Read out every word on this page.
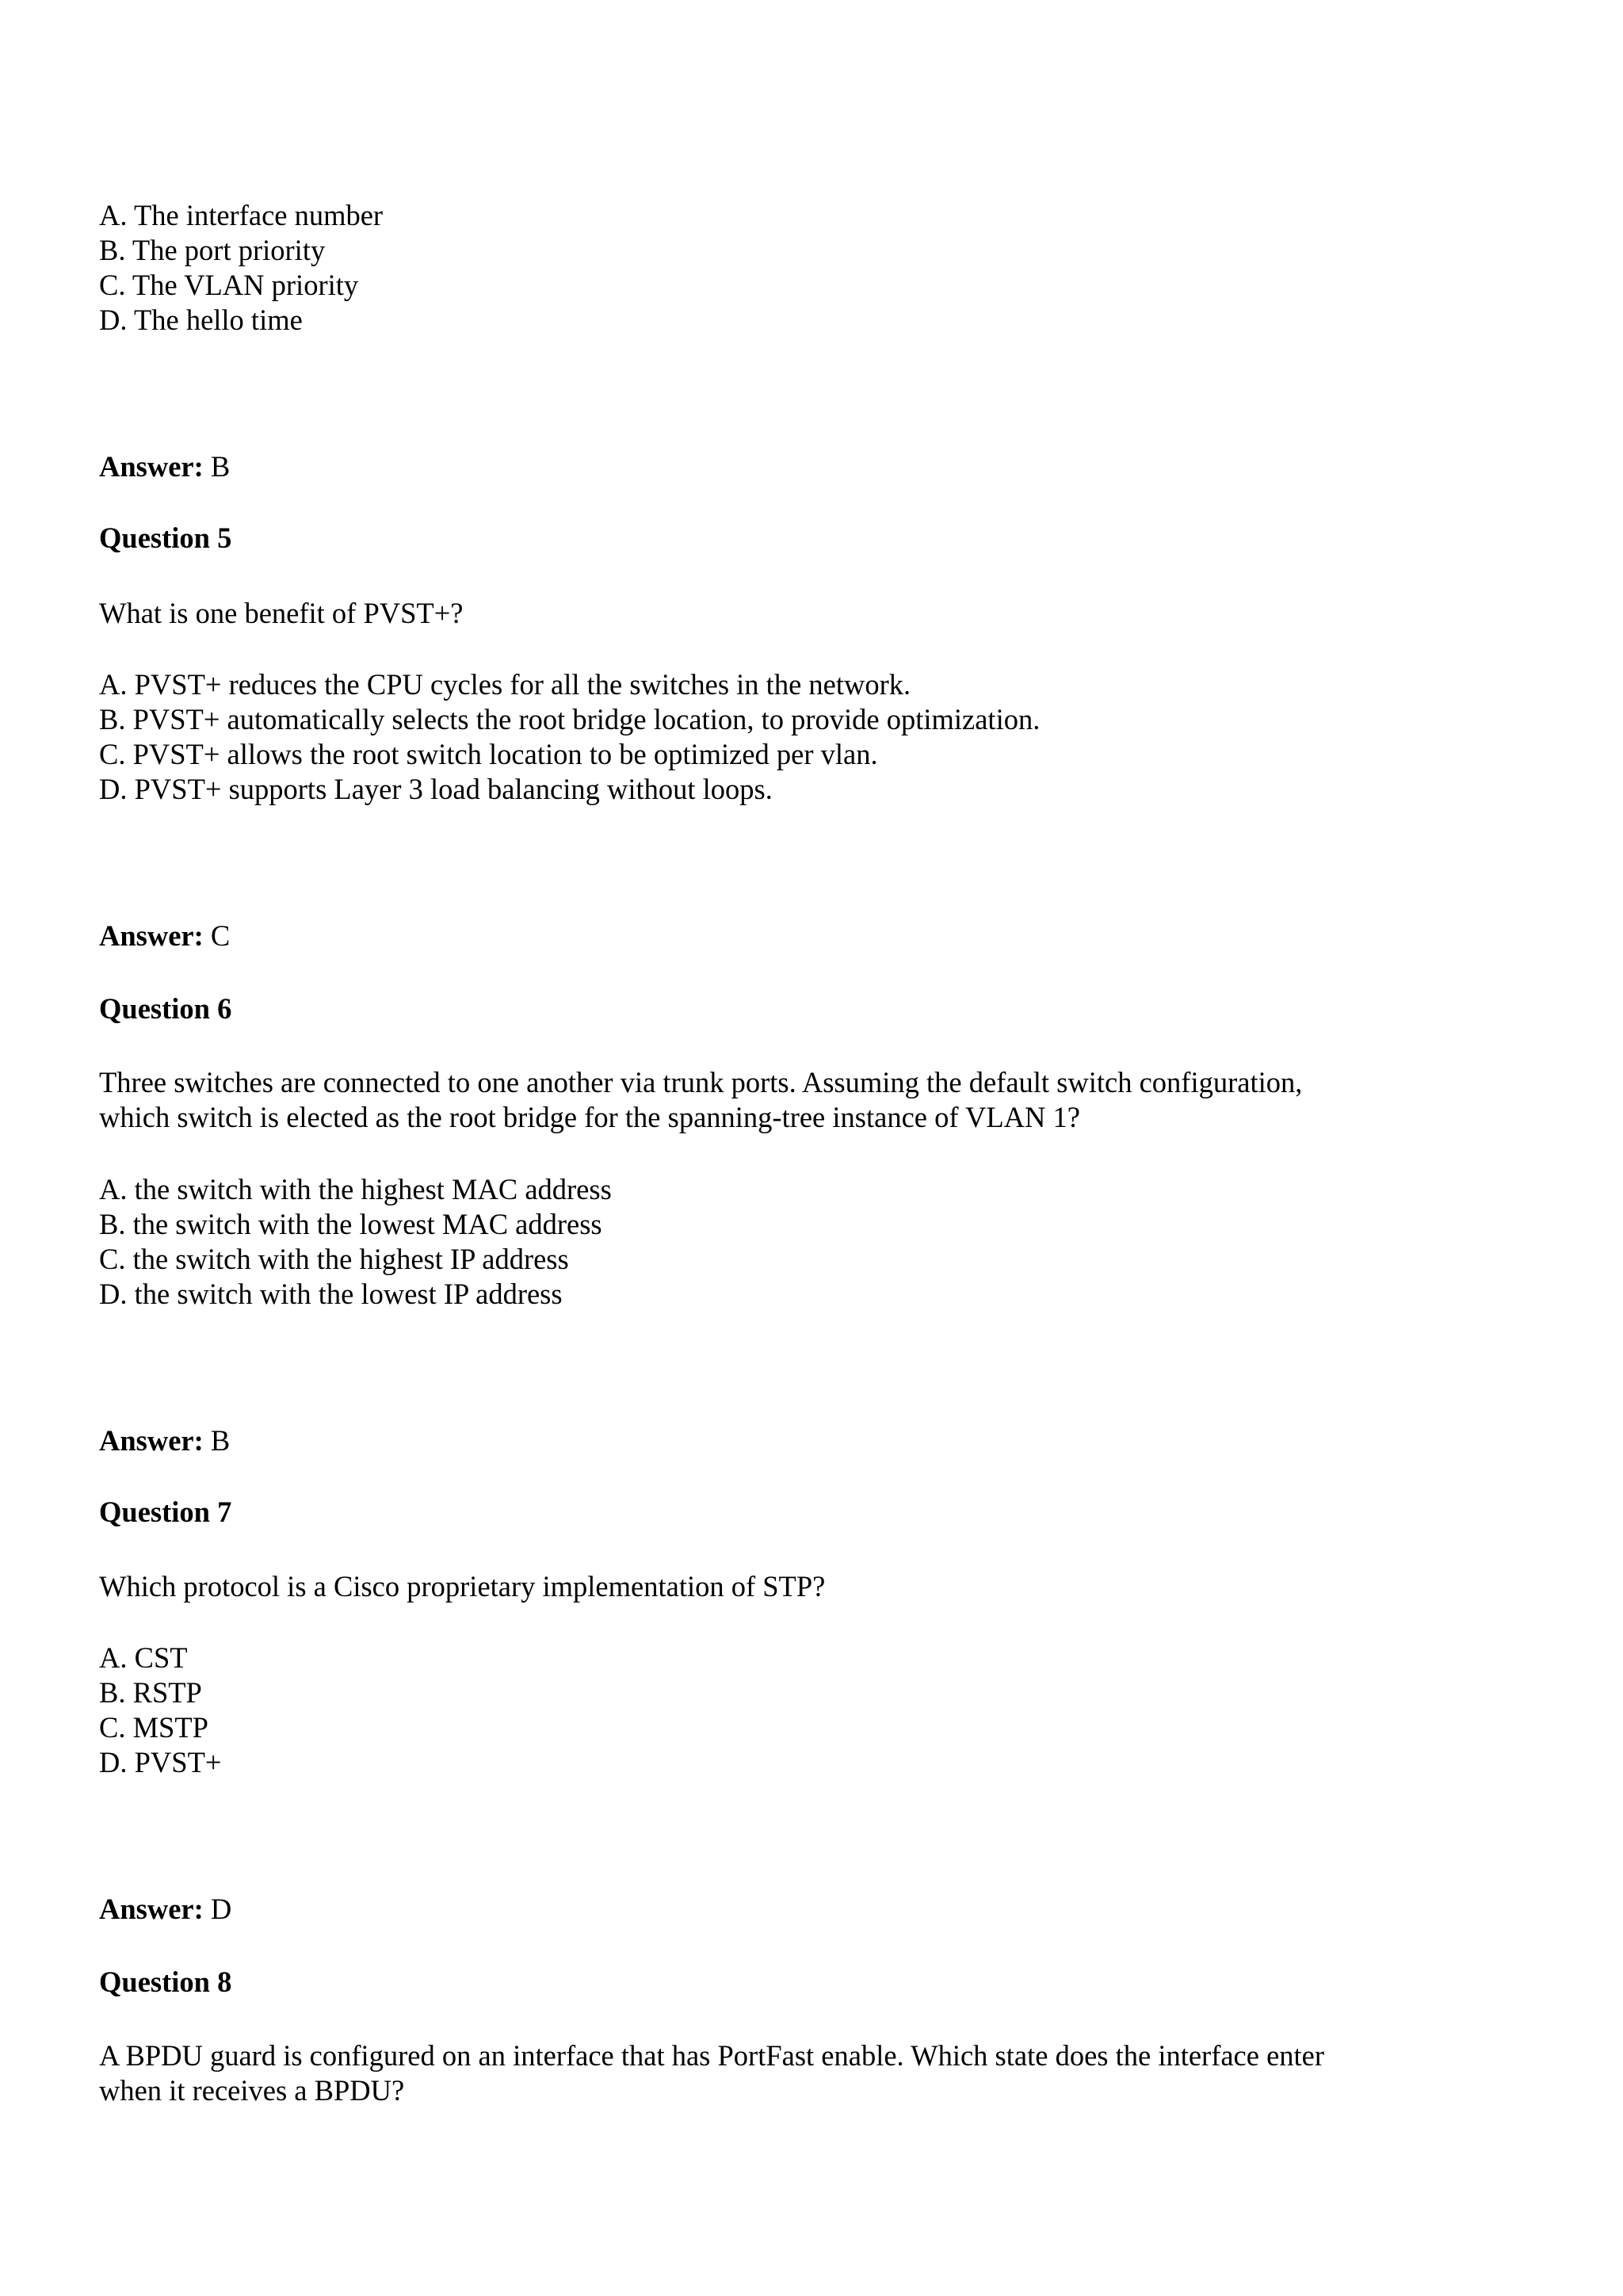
A. The interface number
B. The port priority
C. The VLAN priority
D. The hello time
Answer: B
Question 5
What is one benefit of PVST+?
A. PVST+ reduces the CPU cycles for all the switches in the network.
B. PVST+ automatically selects the root bridge location, to provide optimization.
C. PVST+ allows the root switch location to be optimized per vlan.
D. PVST+ supports Layer 3 load balancing without loops.
Answer: C
Question 6
Three switches are connected to one another via trunk ports. Assuming the default switch configuration,
which switch is elected as the root bridge for the spanning-tree instance of VLAN 1?
A. the switch with the highest MAC address
B. the switch with the lowest MAC address
C. the switch with the highest IP address
D. the switch with the lowest IP address
Answer: B
Question 7
Which protocol is a Cisco proprietary implementation of STP?
A. CST
B. RSTP
C. MSTP
D. PVST+
Answer: D
Question 8
A BPDU guard is configured on an interface that has PortFast enable. Which state does the interface enter
when it receives a BPDU?
